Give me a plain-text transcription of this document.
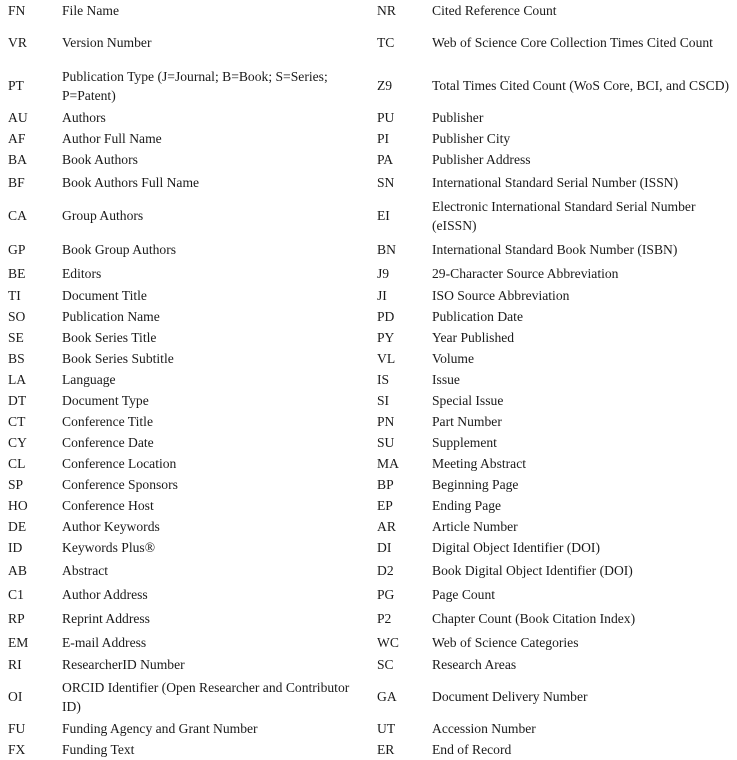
FN	File Name	NR	Cited Reference Count
VR	Version Number	TC	Web of Science Core Collection Times Cited Count
PT	Publication Type (J=Journal; B=Book; S=Series; P=Patent)	Z9	Total Times Cited Count (WoS Core, BCI, and CSCD)
AU	Authors	PU	Publisher
AF	Author Full Name	PI	Publisher City
BA	Book Authors	PA	Publisher Address
BF	Book Authors Full Name	SN	International Standard Serial Number (ISSN)
CA	Group Authors	EI	Electronic International Standard Serial Number (eISSN)
GP	Book Group Authors	BN	International Standard Book Number (ISBN)
BE	Editors	J9	29-Character Source Abbreviation
TI	Document Title	JI	ISO Source Abbreviation
SO	Publication Name	PD	Publication Date
SE	Book Series Title	PY	Year Published
BS	Book Series Subtitle	VL	Volume
LA	Language	IS	Issue
DT	Document Type	SI	Special Issue
CT	Conference Title	PN	Part Number
CY	Conference Date	SU	Supplement
CL	Conference Location	MA	Meeting Abstract
SP	Conference Sponsors	BP	Beginning Page
HO	Conference Host	EP	Ending Page
DE	Author Keywords	AR	Article Number
ID	Keywords Plus®	DI	Digital Object Identifier (DOI)
AB	Abstract	D2	Book Digital Object Identifier (DOI)
C1	Author Address	PG	Page Count
RP	Reprint Address	P2	Chapter Count (Book Citation Index)
EM	E-mail Address	WC	Web of Science Categories
RI	ResearcherID Number	SC	Research Areas
OI	ORCID Identifier (Open Researcher and Contributor ID)	GA	Document Delivery Number
FU	Funding Agency and Grant Number	UT	Accession Number
FX	Funding Text	ER	End of Record
